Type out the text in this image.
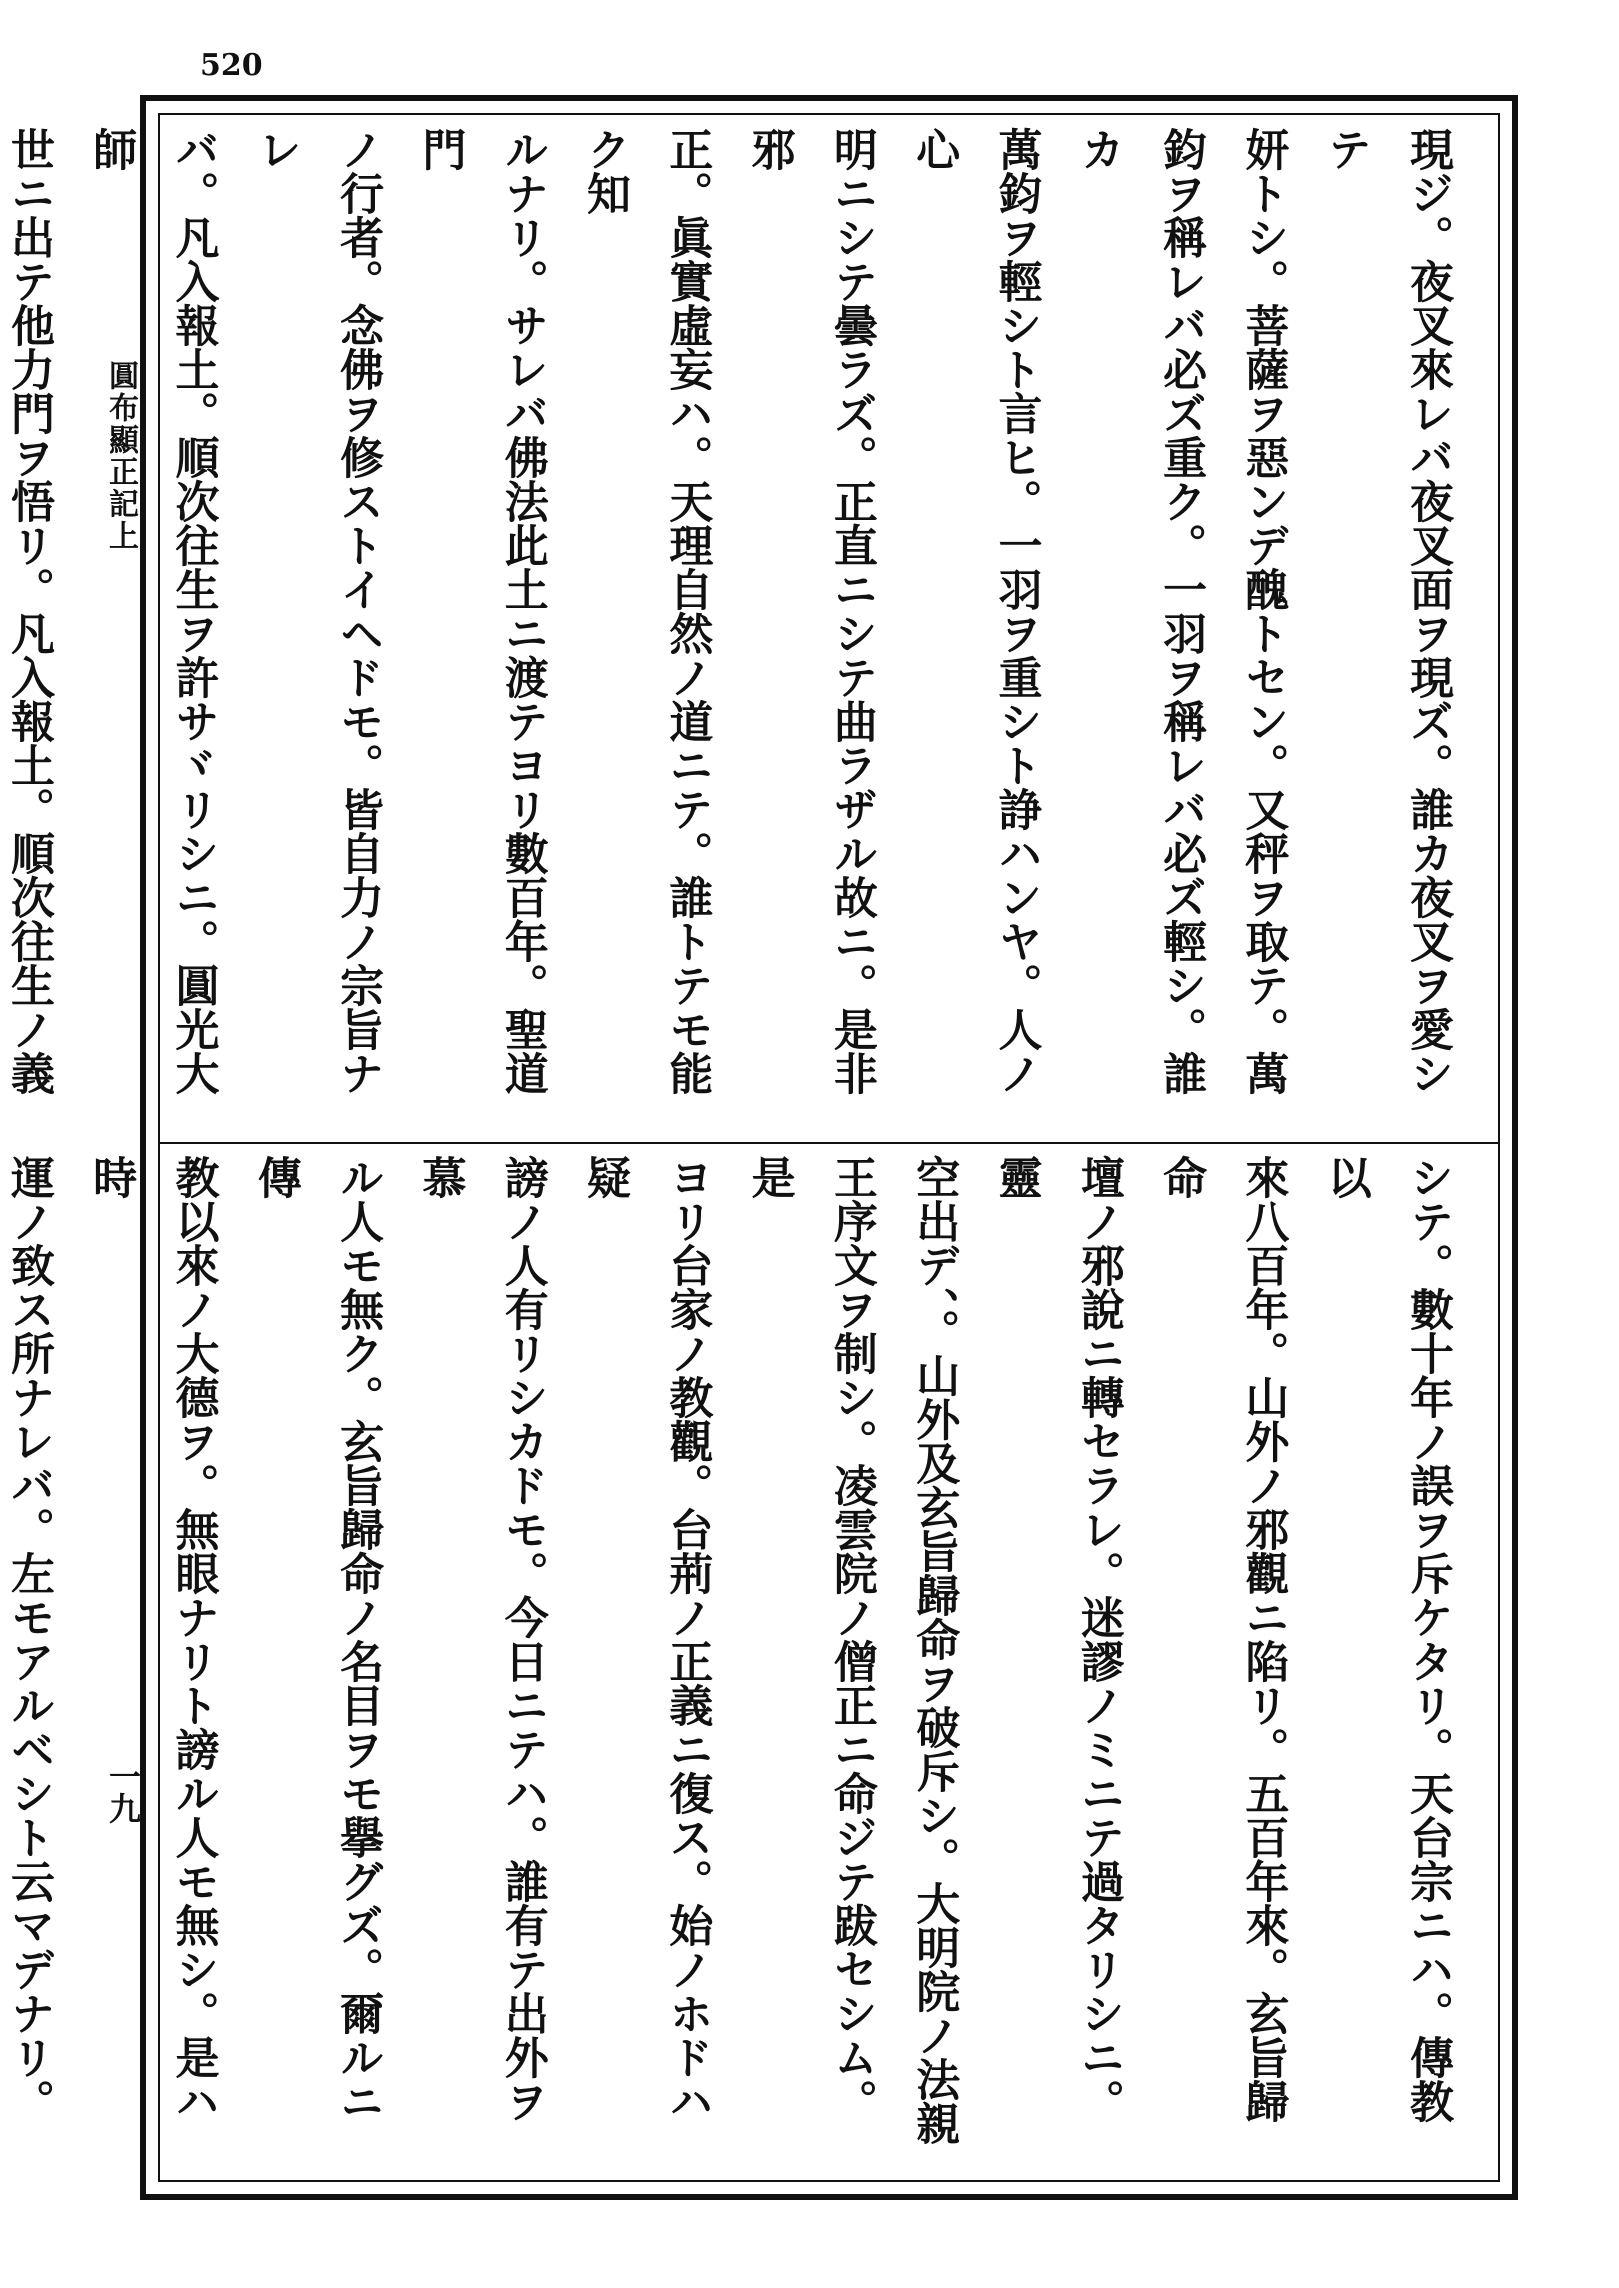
520
圓布顯正記上
一九

現ジ。夜叉來レバ夜叉面ヲ現ズ。誰カ夜叉ヲ愛シテ

妍トシ。菩薩ヲ惡ンデ醜トセン。又秤ヲ取テ。萬

鈞ヲ稱レバ必ズ重ク。一羽ヲ稱レバ必ズ輕シ。誰カ

萬鈞ヲ輕シト言ヒ。一羽ヲ重シト諍ハンヤ。人ノ心

明ニシテ曇ラズ。正直ニシテ曲ラザル故ニ。是非邪

正。眞實虛妄ハ。天理自然ノ道ニテ。誰トテモ能ク知

ルナリ。サレバ佛法此土ニ渡テヨリ數百年。聖道門

ノ行者。念佛ヲ修ストイヘドモ。皆自力ノ宗旨ナレ

バ。凡入報土。順次往生ヲ許サヾリシニ。圓光大師

世ニ出テ他力門ヲ悟リ。凡入報土。順次往生ノ義

シテ。數十年ノ誤ヲ斥ケタリ。天台宗ニハ。傳教以

來八百年。山外ノ邪觀ニ陷リ。五百年來。玄旨歸命

壇ノ邪說ニ轉セラレ。迷謬ノミニテ過タリシニ。靈

空出デ、。山外及玄旨歸命ヲ破斥シ。大明院ノ法親

王序文ヲ制シ。凌雲院ノ僧正ニ命ジテ跋セシム。是

ヨリ台家ノ教觀。台荊ノ正義ニ復ス。始ノホドハ疑

謗ノ人有リシカドモ。今日ニテハ。誰有テ出外ヲ慕

ル人モ無ク。玄旨歸命ノ名目ヲモ擧グズ。爾ルニ傳

教以來ノ大德ヲ。無眼ナリト謗ル人モ無シ。是ハ時

運ノ致ス所ナレバ。左モアルベシト云マデナリ。
